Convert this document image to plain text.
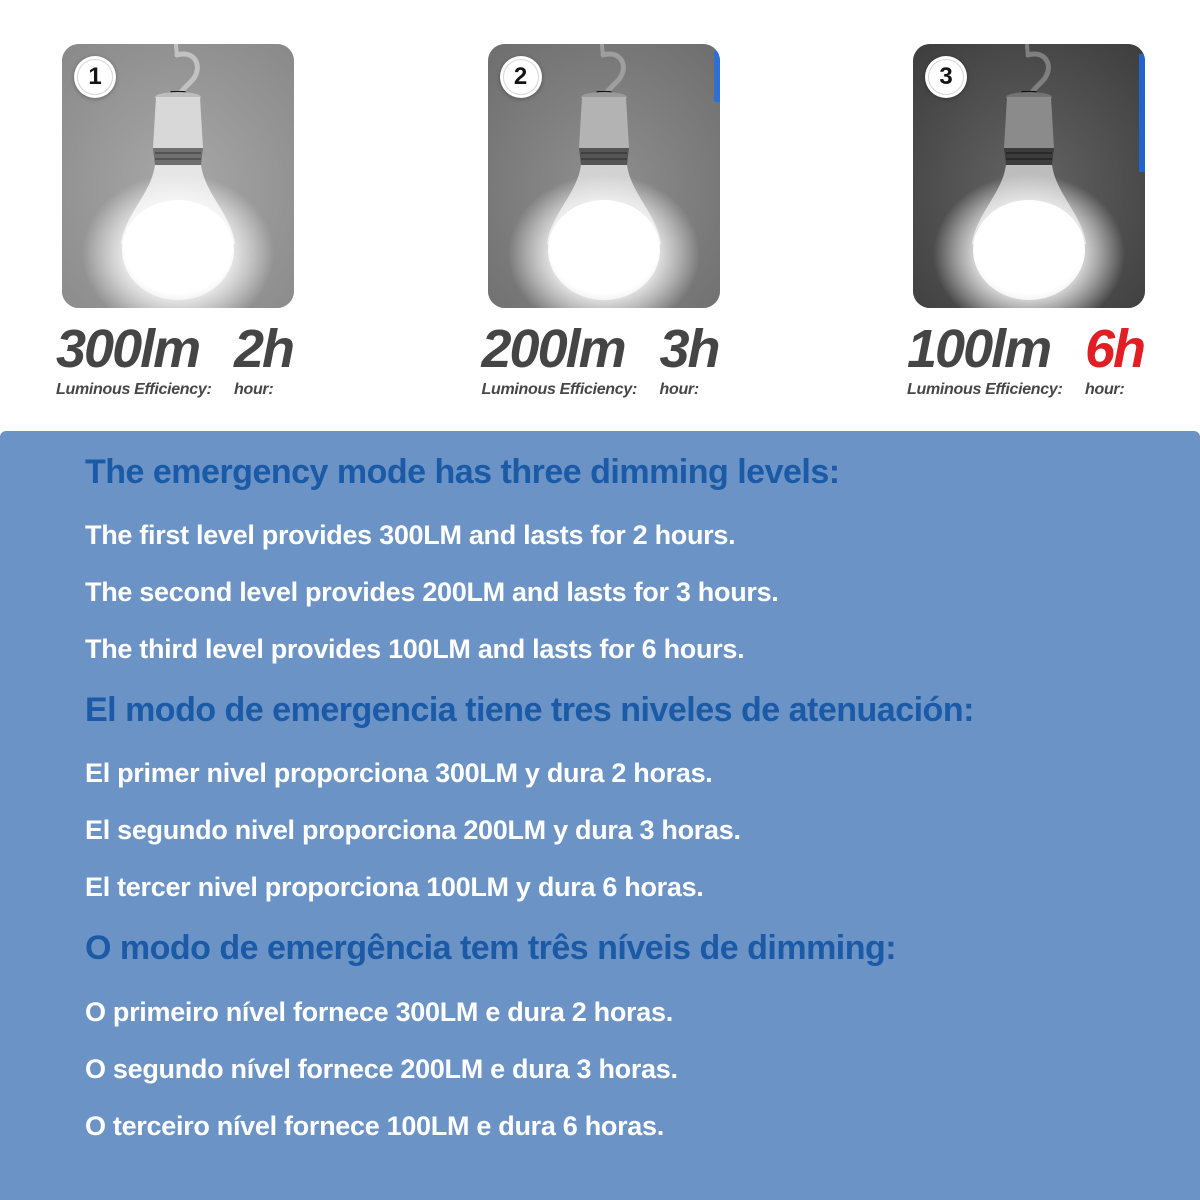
1
300lm
Luminous Efficiency:
2h
hour:
2
200lm
Luminous Efficiency:
3h
hour:
3
100lm
Luminous Efficiency:
6h
hour:
The emergency mode has three dimming levels:

The first level provides 300LM and lasts for 2 hours.

The second level provides 200LM and lasts for 3 hours.

The third level provides 100LM and lasts for 6 hours.

El modo de emergencia tiene tres niveles de atenuación:

El primer nivel proporciona 300LM y dura 2 horas.

El segundo nivel proporciona 200LM y dura 3 horas.

El tercer nivel proporciona 100LM y dura 6 horas.

O modo de emergência tem três níveis de dimming:

O primeiro nível fornece 300LM e dura 2 horas.

O segundo nível fornece 200LM e dura 3 horas.

O terceiro nível fornece 100LM e dura 6 horas.
